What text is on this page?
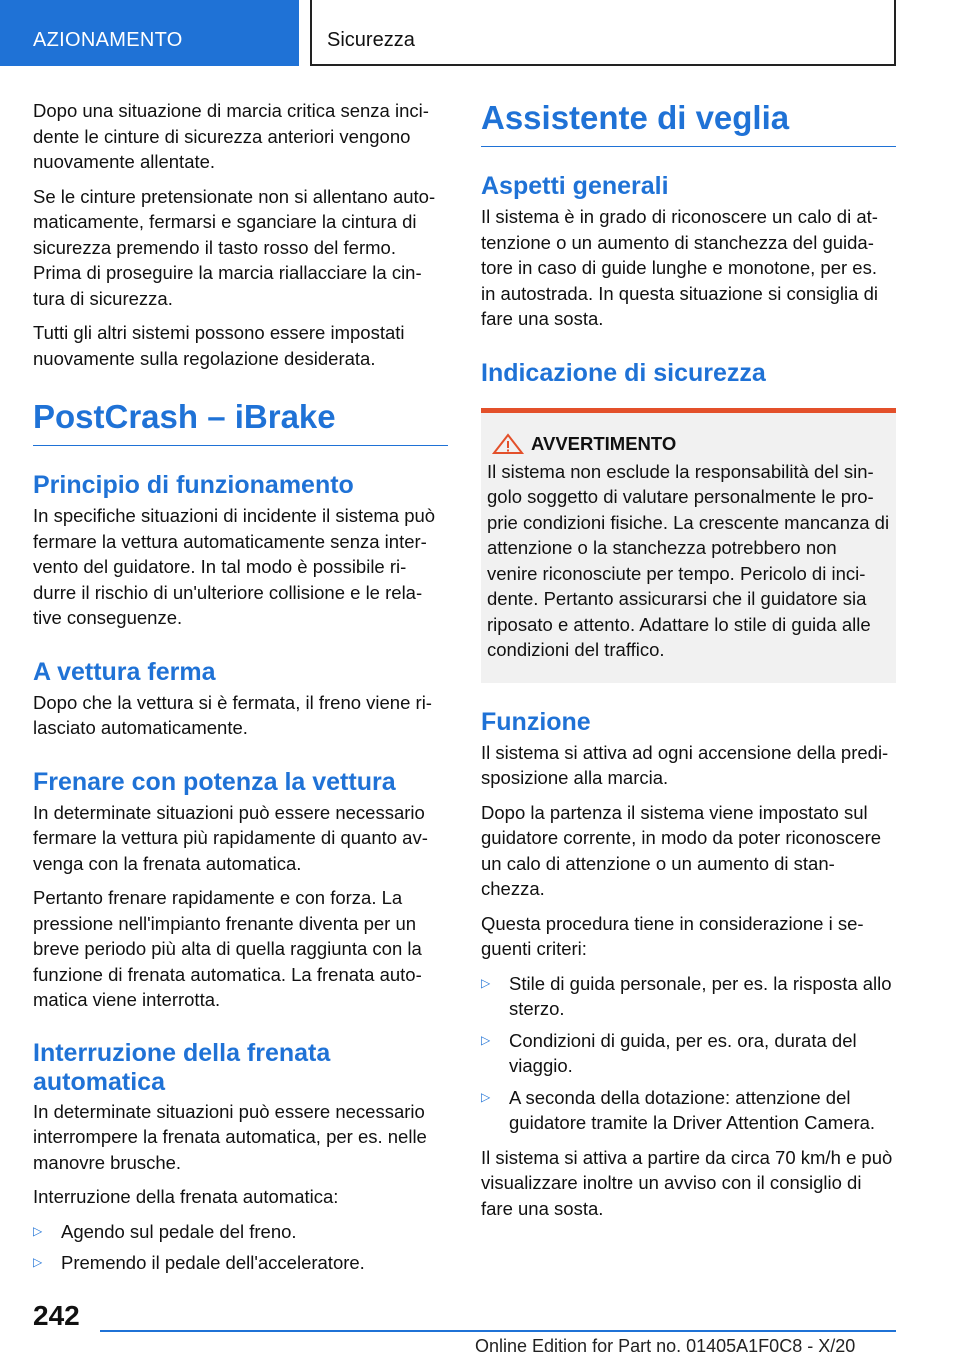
AZIONAMENTO	Sicurezza

Dopo una situazione di marcia critica senza inci-dente le cinture di sicurezza anteriori vengono nuovamente allentate.

Se le cinture pretensionate non si allentano auto-maticamente, fermarsi e sganciare la cintura di sicurezza premendo il tasto rosso del fermo. Prima di proseguire la marcia riallacciare la cin-tura di sicurezza.

Tutti gli altri sistemi possono essere impostati nuovamente sulla regolazione desiderata.

PostCrash – iBrake
Principio di funzionamento

In specifiche situazioni di incidente il sistema può fermare la vettura automaticamente senza inter-vento del guidatore. In tal modo è possibile ri-durre il rischio di un'ulteriore collisione e le rela-tive conseguenze.

A vettura ferma

Dopo che la vettura si è fermata, il freno viene ri-lasciato automaticamente.

Frenare con potenza la vettura

In determinate situazioni può essere necessario fermare la vettura più rapidamente di quanto av-venga con la frenata automatica.

Pertanto frenare rapidamente e con forza. La pressione nell'impianto frenante diventa per un breve periodo più alta di quella raggiunta con la funzione di frenata automatica. La frenata auto-matica viene interrotta.

Interruzione della frenata automatica

In determinate situazioni può essere necessario interrompere la frenata automatica, per es. nelle manovre brusche.

Interruzione della frenata automatica:

▷ Agendo sul pedale del freno.
▷ Premendo il pedale dell'acceleratore.
Assistente di veglia
Aspetti generali

Il sistema è in grado di riconoscere un calo di at-tenzione o un aumento di stanchezza del guida-tore in caso di guide lunghe e monotone, per es. in autostrada. In questa situazione si consiglia di fare una sosta.

Indicazione di sicurezza
AVVERTIMENTO

Il sistema non esclude la responsabilità del sin-golo soggetto di valutare personalmente le pro-prie condizioni fisiche. La crescente mancanza di attenzione o la stanchezza potrebbero non venire riconosciute per tempo. Pericolo di inci-dente. Pertanto assicurarsi che il guidatore sia riposato e attento. Adattare lo stile di guida alle condizioni del traffico.

Funzione

Il sistema si attiva ad ogni accensione della predi-sposizione alla marcia.

Dopo la partenza il sistema viene impostato sul guidatore corrente, in modo da poter riconoscere un calo di attenzione o un aumento di stan-chezza.

Questa procedura tiene in considerazione i se-guenti criteri:

▷ Stile di guida personale, per es. la risposta allo sterzo.
▷ Condizioni di guida, per es. ora, durata del viaggio.
▷ A seconda della dotazione: attenzione del guidatore tramite la Driver Attention Camera.

Il sistema si attiva a partire da circa 70 km/h e può visualizzare inoltre un avviso con il consiglio di fare una sosta.

242
Online Edition for Part no. 01405A1F0C8 - X/20
